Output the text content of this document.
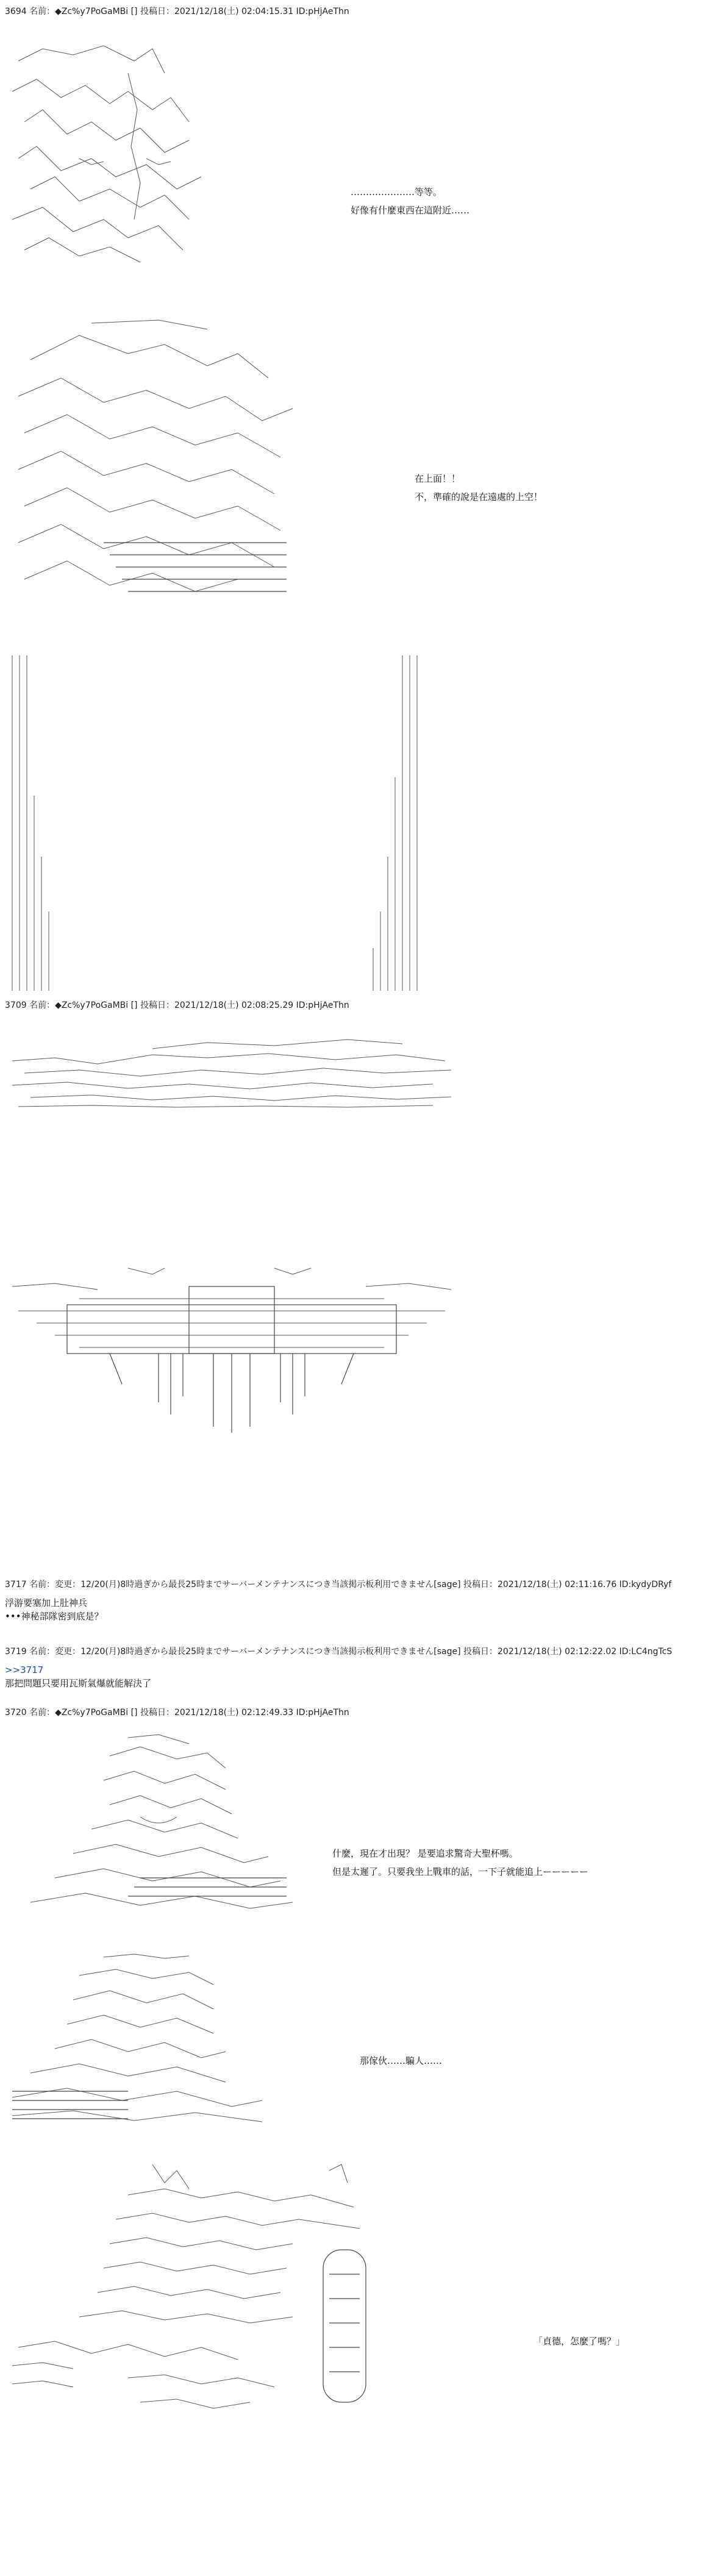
3694 名前：◆Zc%y7PoGaMBi [] 投稿日：2021/12/18(土) 02:04:15.31 ID:pHjAeThn
…………………等等。
好像有什麼東西在這附近……
在上面！！
不，準確的說是在遠處的上空！
3709 名前：◆Zc%y7PoGaMBi [] 投稿日：2021/12/18(土) 02:08:25.29 ID:pHjAeThn
3717 名前：変更：12/20(月)8時過ぎから最長25時までサーバーメンテナンスにつき当該掲示板利用できません[sage] 投稿日：2021/12/18(土) 02:11:16.76 ID:kydyDRyf
浮游要塞加上肚神兵
•••神秘部隊密到底是？
3719 名前：変更：12/20(月)8時過ぎから最長25時までサーバーメンテナンスにつき当該掲示板利用できません[sage] 投稿日：2021/12/18(土) 02:12:22.02 ID:LC4ngTcS
>>3717
那把問題只要用瓦斯氣爆就能解決了
3720 名前：◆Zc%y7PoGaMBi [] 投稿日：2021/12/18(土) 02:12:49.33 ID:pHjAeThn
什麼，現在才出現？ 是要追求驚奇大聖杯嗎。
但是太遲了。只要我坐上戰車的話，一下子就能追上ーーーーー
那傢伙……騙人……
「貞德，怎麼了嗎？」
